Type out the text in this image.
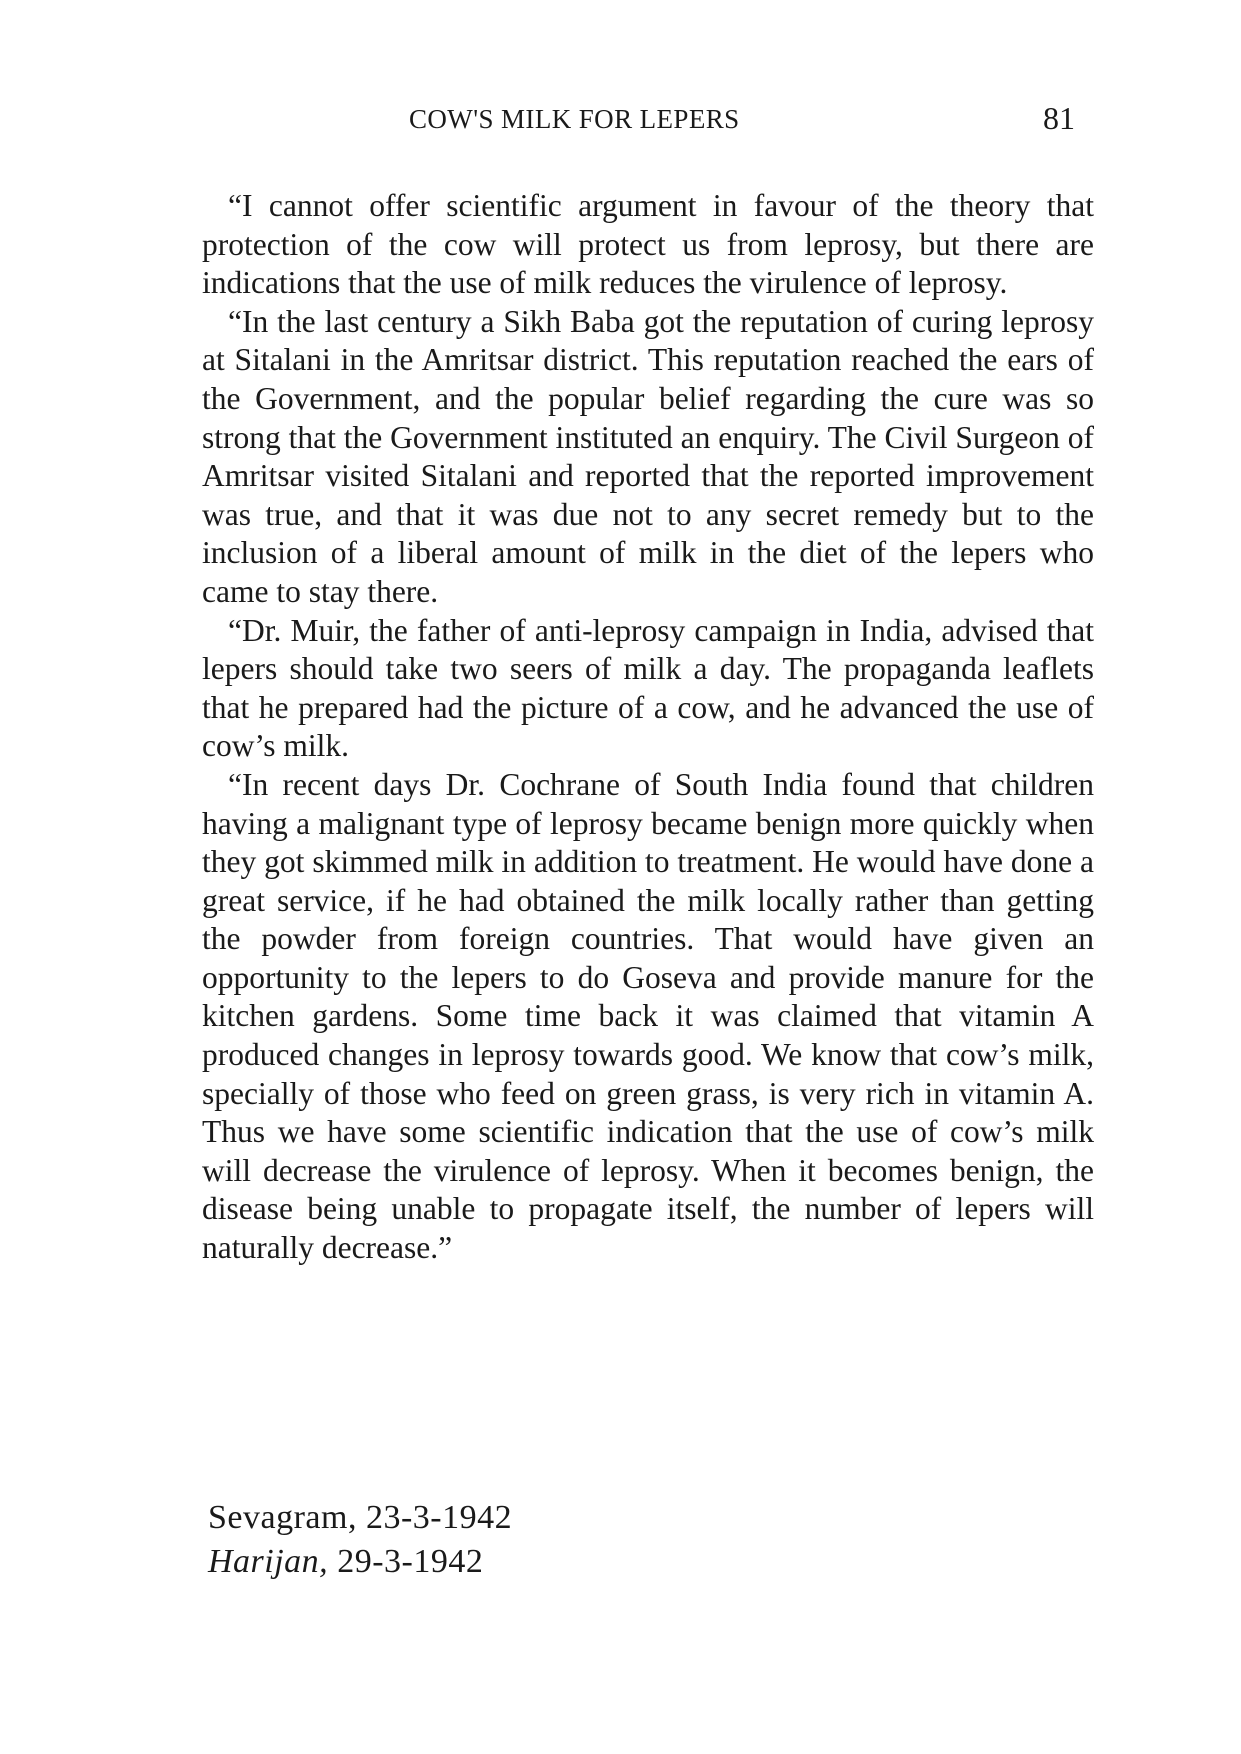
COW'S MILK FOR LEPERS	81

“I cannot offer scientific argument in favour of the theory that protection of the cow will protect us from leprosy, but there are indications that the use of milk reduces the virulence of leprosy.

“In the last century a Sikh Baba got the reputation of curing leprosy at Sitalani in the Amritsar district. This reputation reached the ears of the Government, and the popular belief regarding the cure was so strong that the Government instituted an enquiry. The Civil Surgeon of Amritsar visited Sitalani and reported that the reported improvement was true, and that it was due not to any secret remedy but to the inclusion of a liberal amount of milk in the diet of the lepers who came to stay there.

“Dr. Muir, the father of anti-leprosy campaign in India, advised that lepers should take two seers of milk a day. The propaganda leaflets that he prepared had the picture of a cow, and he advanced the use of cow’s milk.

“In recent days Dr. Cochrane of South India found that children having a malignant type of leprosy became benign more quickly when they got skimmed milk in addition to treatment. He would have done a great service, if he had obtained the milk locally rather than getting the powder from foreign countries. That would have given an opportunity to the lepers to do Goseva and provide manure for the kitchen gardens. Some time back it was claimed that vitamin A produced changes in leprosy towards good. We know that cow’s milk, specially of those who feed on green grass, is very rich in vitamin A. Thus we have some scientific indication that the use of cow’s milk will decrease the virulence of leprosy. When it becomes benign, the disease being unable to propagate itself, the number of lepers will naturally decrease.”

Sevagram, 23-3-1942
Harijan, 29-3-1942
